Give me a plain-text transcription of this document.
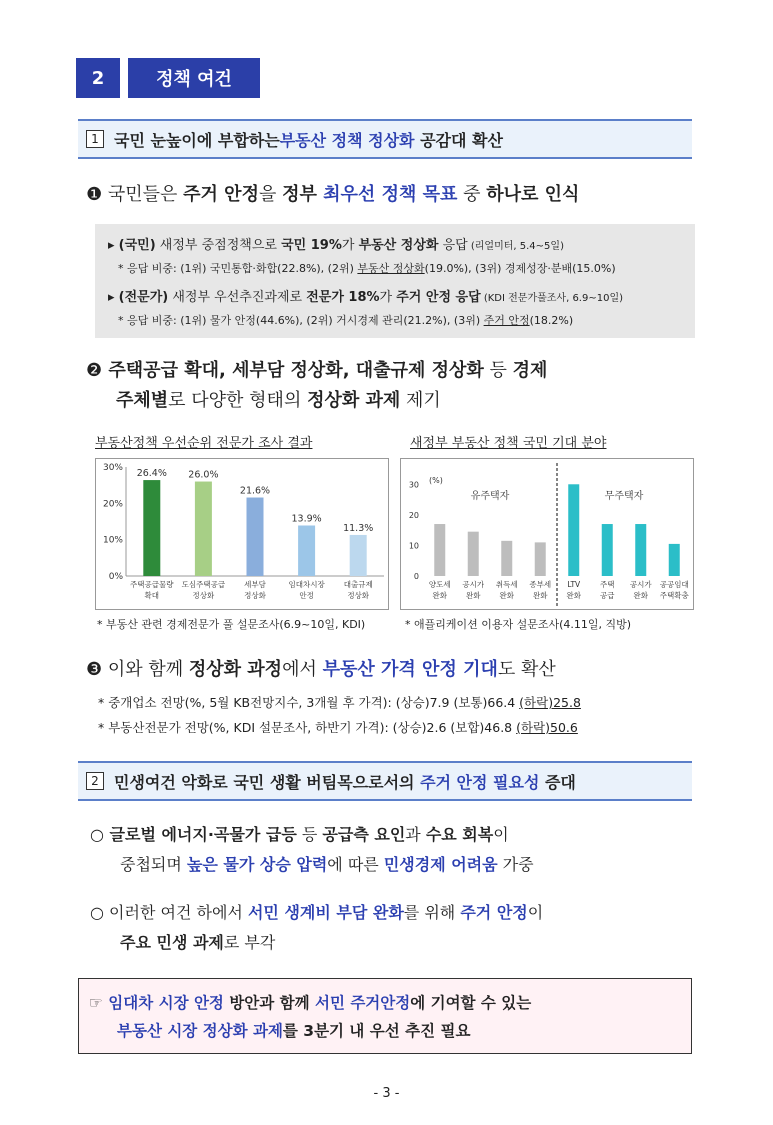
2	정책 여건
1 국민 눈높이에 부합하는 부동산 정책 정상화 공감대 확산
❶ 국민들은 주거 안정을 정부 최우선 정책 목표 중 하나로 인식
▸ (국민) 새정부 중점정책으로 국민 19%가 부동산 정상화 응답 (리얼미터, 5.4~5일)
* 응답 비중: (1위) 국민통합·화합(22.8%), (2위) 부동산 정상화(19.0%), (3위) 경제성장·분배(15.0%)
▸ (전문가) 새정부 우선추진과제로 전문가 18%가 주거 안정 응답 (KDI 전문가풀조사, 6.9~10일)
* 응답 비중: (1위) 물가 안정(44.6%), (2위) 거시경제 관리(21.2%), (3위) 주거 안정(18.2%)
❷ 주택공급 확대, 세부담 정상화, 대출규제 정상화 등 경제
주체별로 다양한 형태의 정상화 과제 제기
부동산정책 우선순위 전문가 조사 결과	새정부 부동산 정책 국민 기대 분야
0%
10%
20%
30%
26.4%
주택공급물량
확대
26.0%
도심주택공급
정상화
21.6%
세부담
정상화
13.9%
임대차시장
안정
11.3%
대출규제
정상화
(%)
0
10
20
30
유주택자	무주택자
양도세
완화
공시가
완화
취득세
완화
종부세
완화
LTV
완화
주택
공급
공시가
완화
공공임대
주택확충
* 부동산 관련 경제전문가 풀 설문조사(6.9~10일, KDI)	* 애플리케이션 이용자 설문조사(4.11일, 직방)
❸ 이와 함께 정상화 과정에서 부동산 가격 안정 기대도 확산
* 중개업소 전망(%, 5월 KB전망지수, 3개월 후 가격): (상승)7.9 (보통)66.4 (하락)25.8
* 부동산전문가 전망(%, KDI 설문조사, 하반기 가격): (상승)2.6 (보합)46.8 (하락)50.6
2 민생여건 악화로 국민 생활 버팀목으로서의 주거 안정 필요성 증대
○ 글로벌 에너지·곡물가 급등 등 공급측 요인과 수요 회복이
중첩되며 높은 물가 상승 압력에 따른 민생경제 어려움 가중
○ 이러한 여건 하에서 서민 생계비 부담 완화를 위해 주거 안정이
주요 민생 과제로 부각
☞ 임대차 시장 안정 방안과 함께 서민 주거안정에 기여할 수 있는
부동산 시장 정상화 과제를 3분기 내 우선 추진 필요
- 3 -
